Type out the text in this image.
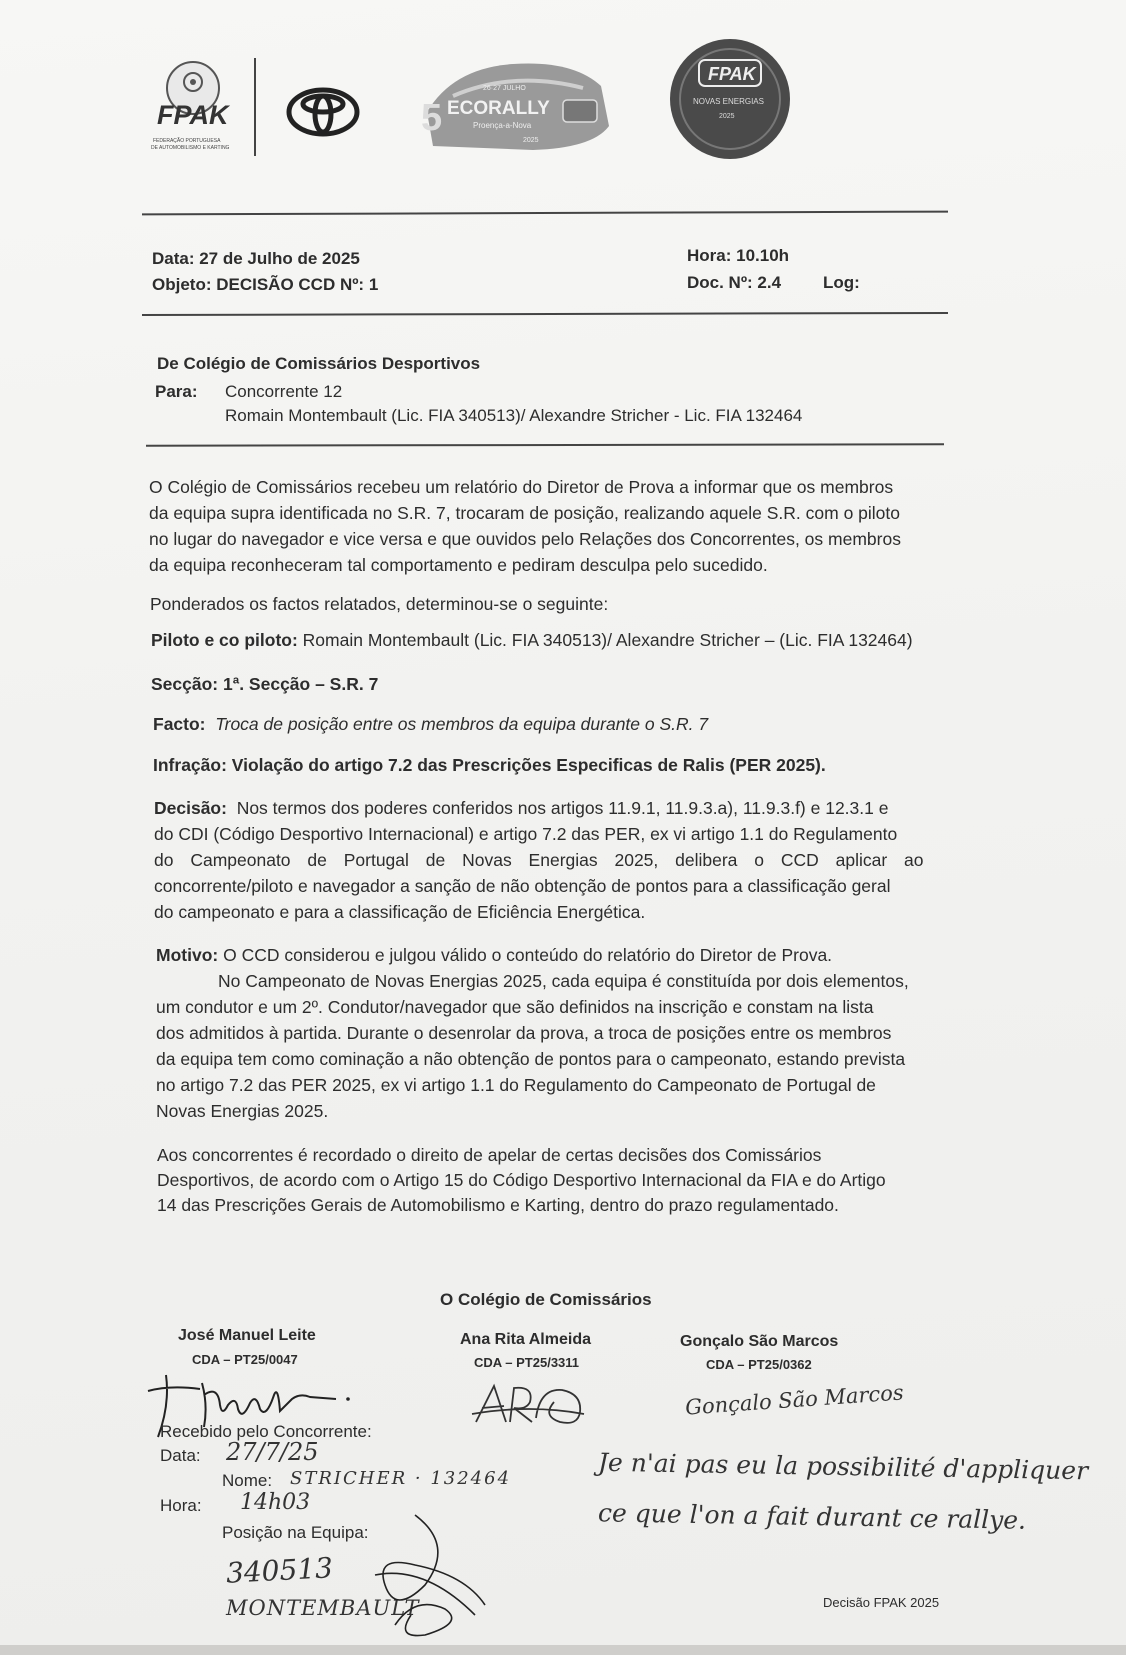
FPAK
FEDERAÇÃO PORTUGUESA
DE AUTOMOBILISMO E KARTING
5 ECORALLY
26·27 JULHO
Proença-a-Nova
2025
FPAK
NOVAS ENERGIAS
2025
Data: 27 de Julho de 2025
Objeto: DECISÃO CCD Nº: 1
Hora: 10.10h
Doc. Nº: 2.4 Log:
De Colégio de Comissários Desportivos
Para: Concorrente 12
Romain Montembault (Lic. FIA 340513)/ Alexandre Stricher - Lic. FIA 132464
O Colégio de Comissários recebeu um relatório do Diretor de Prova a informar que os membros
da equipa supra identificada no S.R. 7, trocaram de posição, realizando aquele S.R. com o piloto
no lugar do navegador e vice versa e que ouvidos pelo Relações dos Concorrentes, os membros
da equipa reconheceram tal comportamento e pediram desculpa pelo sucedido.
Ponderados os factos relatados, determinou-se o seguinte:
Piloto e co piloto: Romain Montembault (Lic. FIA 340513)/ Alexandre Stricher – (Lic. FIA 132464)
Secção: 1ª. Secção – S.R. 7
Facto: Troca de posição entre os membros da equipa durante o S.R. 7
Infração: Violação do artigo 7.2 das Prescrições Especificas de Ralis (PER 2025).
Decisão: Nos termos dos poderes conferidos nos artigos 11.9.1, 11.9.3.a), 11.9.3.f) e 12.3.1 e
do CDI (Código Desportivo Internacional) e artigo 7.2 das PER, ex vi artigo 1.1 do Regulamento
do Campeonato de Portugal de Novas Energias 2025, delibera o CCD aplicar ao
concorrente/piloto e navegador a sanção de não obtenção de pontos para a classificação geral
do campeonato e para a classificação de Eficiência Energética.
Motivo: O CCD considerou e julgou válido o conteúdo do relatório do Diretor de Prova.
No Campeonato de Novas Energias 2025, cada equipa é constituída por dois elementos,
um condutor e um 2º. Condutor/navegador que são definidos na inscrição e constam na lista
dos admitidos à partida. Durante o desenrolar da prova, a troca de posições entre os membros
da equipa tem como cominação a não obtenção de pontos para o campeonato, estando prevista
no artigo 7.2 das PER 2025, ex vi artigo 1.1 do Regulamento do Campeonato de Portugal de
Novas Energias 2025.
Aos concorrentes é recordado o direito de apelar de certas decisões dos Comissários
Desportivos, de acordo com o Artigo 15 do Código Desportivo Internacional da FIA e do Artigo
14 das Prescrições Gerais de Automobilismo e Karting, dentro do prazo regulamentado.
O Colégio de Comissários
José Manuel Leite
CDA – PT25/0047
Ana Rita Almeida
CDA – PT25/3311
Gonçalo São Marcos
CDA – PT25/0362
Gonçalo São Marcos
Recebido pelo Concorrente:
Data: 27/7/25
Nome: STRICHER · 132464
Hora: 14h03
Posição na Equipa:
340513
MONTEMBAULT
Je n'ai pas eu la possibilité d'appliquer
ce que l'on a fait durant ce rallye.
Decisão FPAK 2025
